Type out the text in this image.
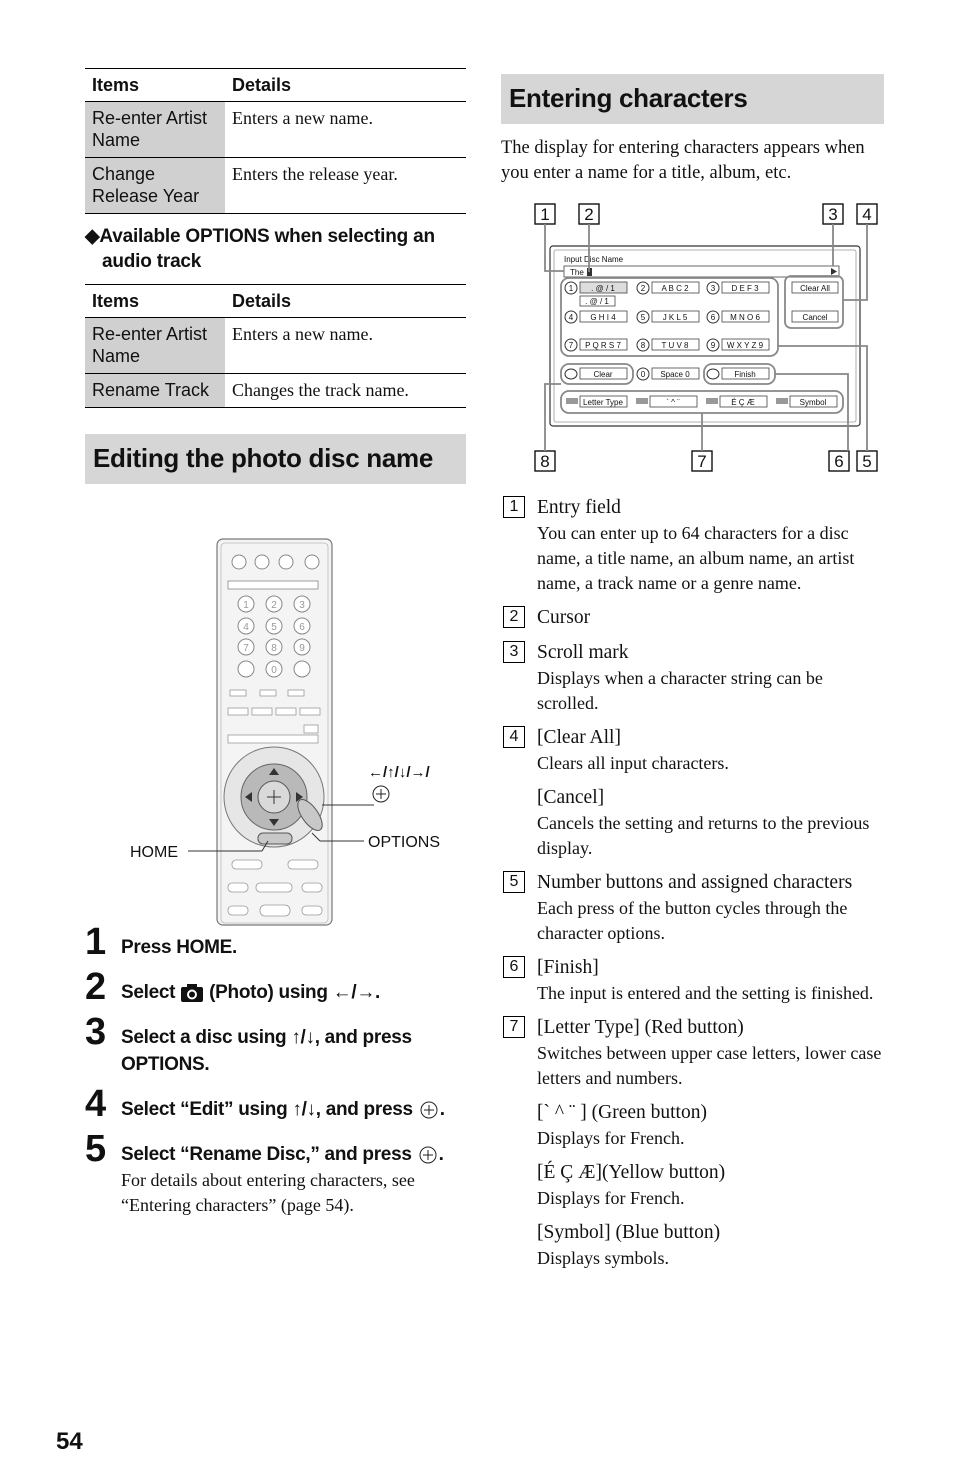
Items	Details
Re-enter Artist Name	Enters a new name.
Change Release Year	Enters the release year.
◆Available OPTIONS when selecting an audio track
Items	Details
Re-enter Artist Name	Enters a new name.
Rename Track	Changes the track name.
Editing the photo disc name
1 2 3
4 5 6
7 8 9
0
HOME
OPTIONS
←/↑/↓/→/
1 Press HOME.
2 Select (Photo) using ←/→.
3 Select a disc using ↑/↓, and press OPTIONS.
4 Select “Edit” using ↑/↓, and press .
5 Select “Rename Disc,” and press .
For details about entering characters, see “Entering characters” (page 54).
Entering characters
The display for entering characters appears when you enter a name for a title, album, etc.
1 2	3 4
8	7	6 5
Input Disc Name
The
1 . @ / 1
. @ / 1
2 A B C 2	3 D E F 3
4 G H I 4	5 J K L 5	6 M N O 6
7 P Q R S 7 8 T U V 8	9 W X Y Z 9
Clear All
Cancel
Clear	0 Space 0	Finish
Letter Type	` ^ ¨	É Ç Æ	Symbol
1 Entry field
You can enter up to 64 characters for a disc name, a title name, an album name, an artist name, a track name or a genre name.
2 Cursor
3 Scroll mark
Displays when a character string can be scrolled.
4 [Clear All]
Clears all input characters.
[Cancel]
Cancels the setting and returns to the previous display.
5 Number buttons and assigned characters
Each press of the button cycles through the character options.
6 [Finish]
The input is entered and the setting is finished.
7 [Letter Type] (Red button)
Switches between upper case letters, lower case letters and numbers.
[` ^ ¨ ] (Green button)
Displays for French.
[É Ç Æ](Yellow button)
Displays for French.
[Symbol] (Blue button)
Displays symbols.
54
